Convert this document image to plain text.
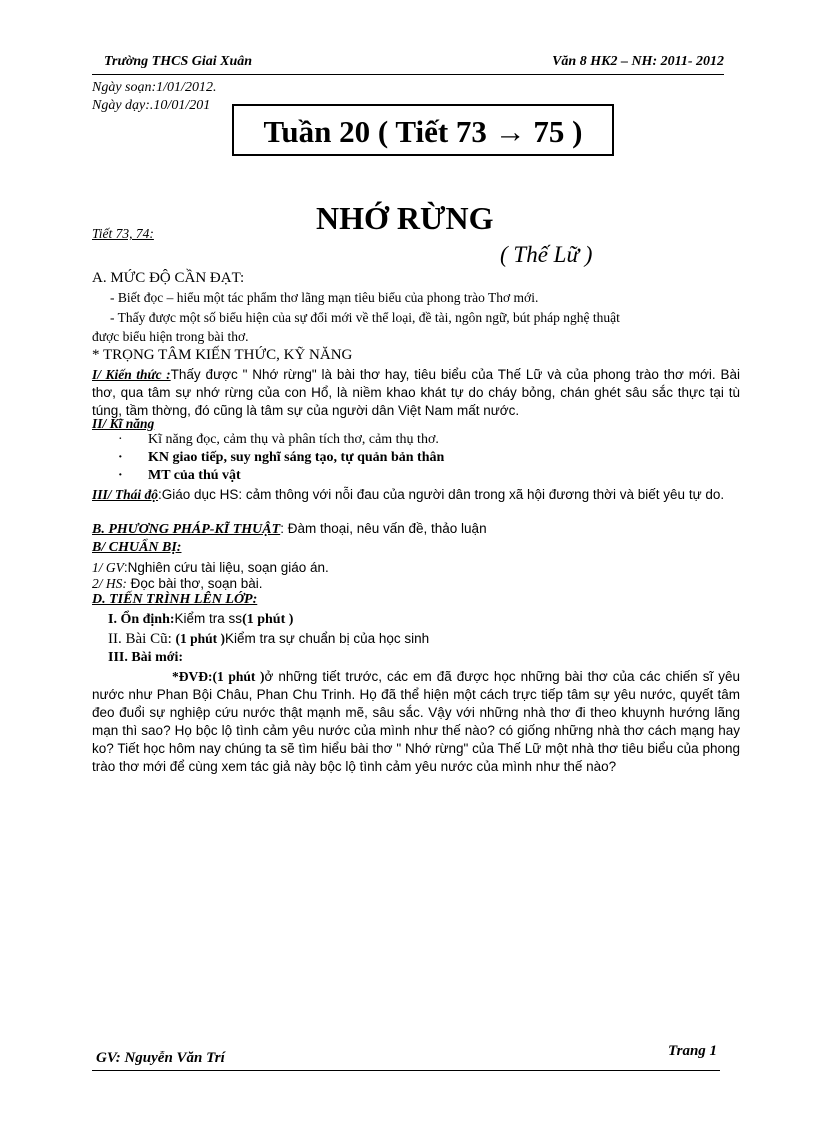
Trường THCS Giai Xuân	Văn 8 HK2 – NH: 2011- 2012
Ngày soạn:1/01/2012.
Ngày dạy:.10/01/201
Tuần 20 ( Tiết 73 → 75 )
Tiết 73, 74:	NHỚ RỪNG
( Thế Lữ )
A. MỨC ĐỘ CẦN ĐẠT:
- Biết đọc – hiểu một tác phẩm thơ lãng mạn tiêu biểu của phong trào Thơ mới.
- Thấy được một số biểu hiện của sự đổi mới về thể loại, đề tài, ngôn ngữ, bút pháp nghệ thuật
được biểu hiện trong bài thơ.
* TRỌNG TÂM KIẾN THỨC, KỸ NĂNG
I/ Kiến thức :Thấy được " Nhớ rừng" là bài thơ hay, tiêu biểu của Thế Lữ và của phong trào thơ mới. Bài thơ, qua tâm sự nhớ rừng của con Hổ, là niềm khao khát tự do cháy bỏng, chán ghét sâu sắc thực tại tù túng, tầm thờng, đó cũng là tâm sự của người dân Việt Nam mất nước.
II/ Kĩ năng
· Kĩ năng đọc, cảm thụ và phân tích thơ, cảm thụ thơ.
· KN giao tiếp, suy nghĩ sáng tạo, tự quản bản thân
· MT của thú vật
III/ Thái độ:Giáo dục HS: cảm thông với nỗi đau của người dân trong xã hội đương thời và biết yêu tự do.
B. PHƯƠNG PHÁP-KĨ THUẬT: Đàm thoại, nêu vấn đề, thảo luận
B/ CHUẨN BỊ:
1/ GV:Nghiên cứu tài liệu, soạn giáo án.
2/ HS: Đọc bài thơ, soạn bài.
D. TIẾN TRÌNH LÊN LỚP:
I. Ổn định:Kiểm tra ss(1 phút )
II. Bài Cũ: (1 phút )Kiểm tra sự chuẩn bị của học sinh
III. Bài mới:
*ĐVĐ:(1 phút )ở những tiết trước, các em đã được học những bài thơ của các chiến sĩ yêu nước như Phan Bội Châu, Phan Chu Trinh. Họ đã thể hiện một cách trực tiếp tâm sự yêu nước, quyết tâm đeo đuổi sự nghiệp cứu nước thật mạnh mẽ, sâu sắc. Vậy với những nhà thơ đi theo khuynh hướng lãng mạn thì sao? Họ bộc lộ tình cảm yêu nước của mình như thế nào? có giống những nhà thơ cách mạng hay ko? Tiết học hôm nay chúng ta sẽ tìm hiểu bài thơ " Nhớ rừng" của Thế Lữ một nhà thơ tiêu biểu của phong trào thơ mới để cùng xem tác giả này bộc lộ tình cảm yêu nước của mình như thế nào?
GV: Nguyễn Văn Trí	Trang 1
